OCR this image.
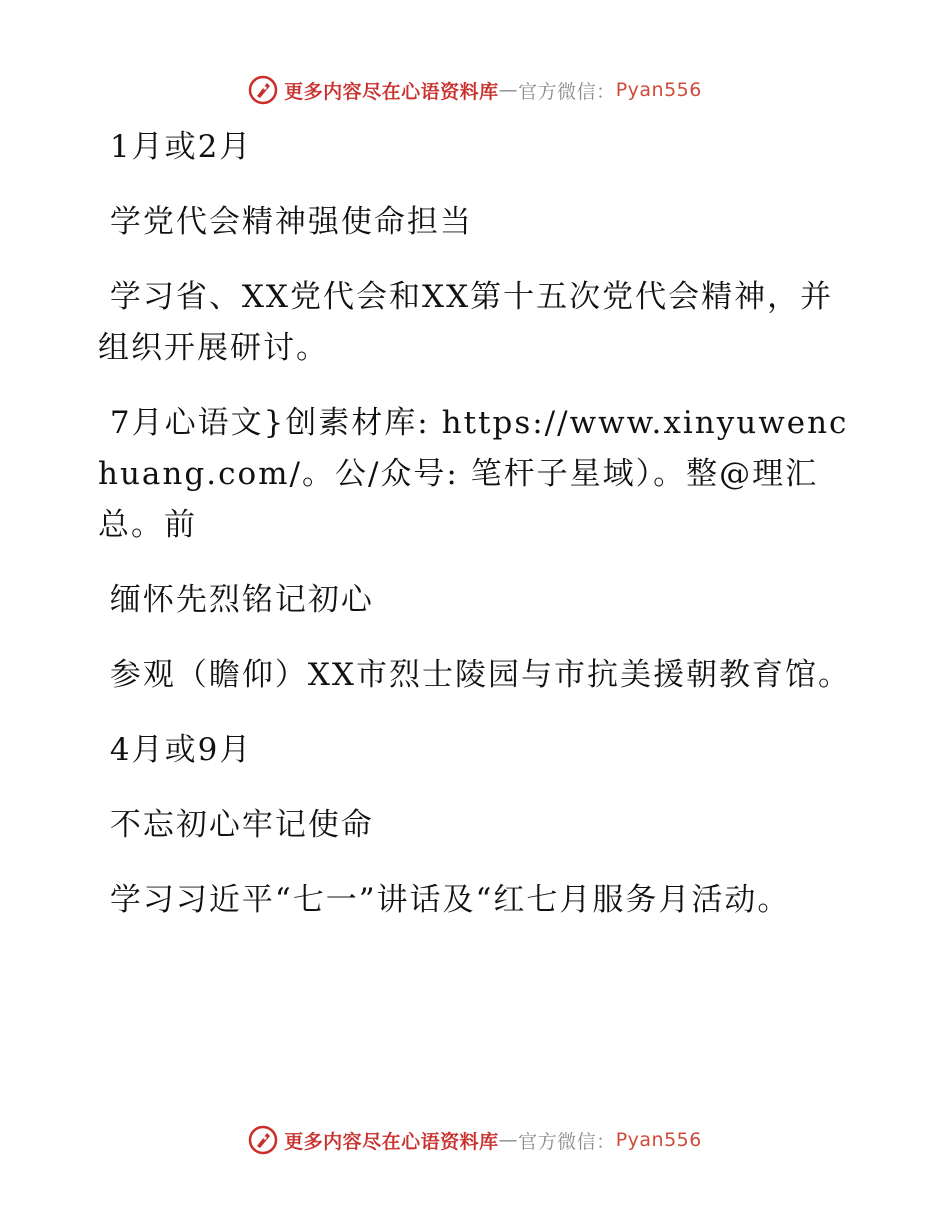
更多内容尽在心语资料库 — 官方微信： Pyan556

1月或2月

学党代会精神强使命担当

学习省、XX党代会和XX第十五次党代会精神，并组织开展研讨。

7月心语文}创素材库: https://www.xinyuwenchuang.com/。公/众号: 笔杆子星域）。整@理汇总。前

缅怀先烈铭记初心

参观（瞻仰）XX市烈士陵园与市抗美援朝教育馆。

4月或9月

不忘初心牢记使命

学习习近平“七一”讲话及“红七月服务月活动。

更多内容尽在心语资料库 — 官方微信： Pyan556
